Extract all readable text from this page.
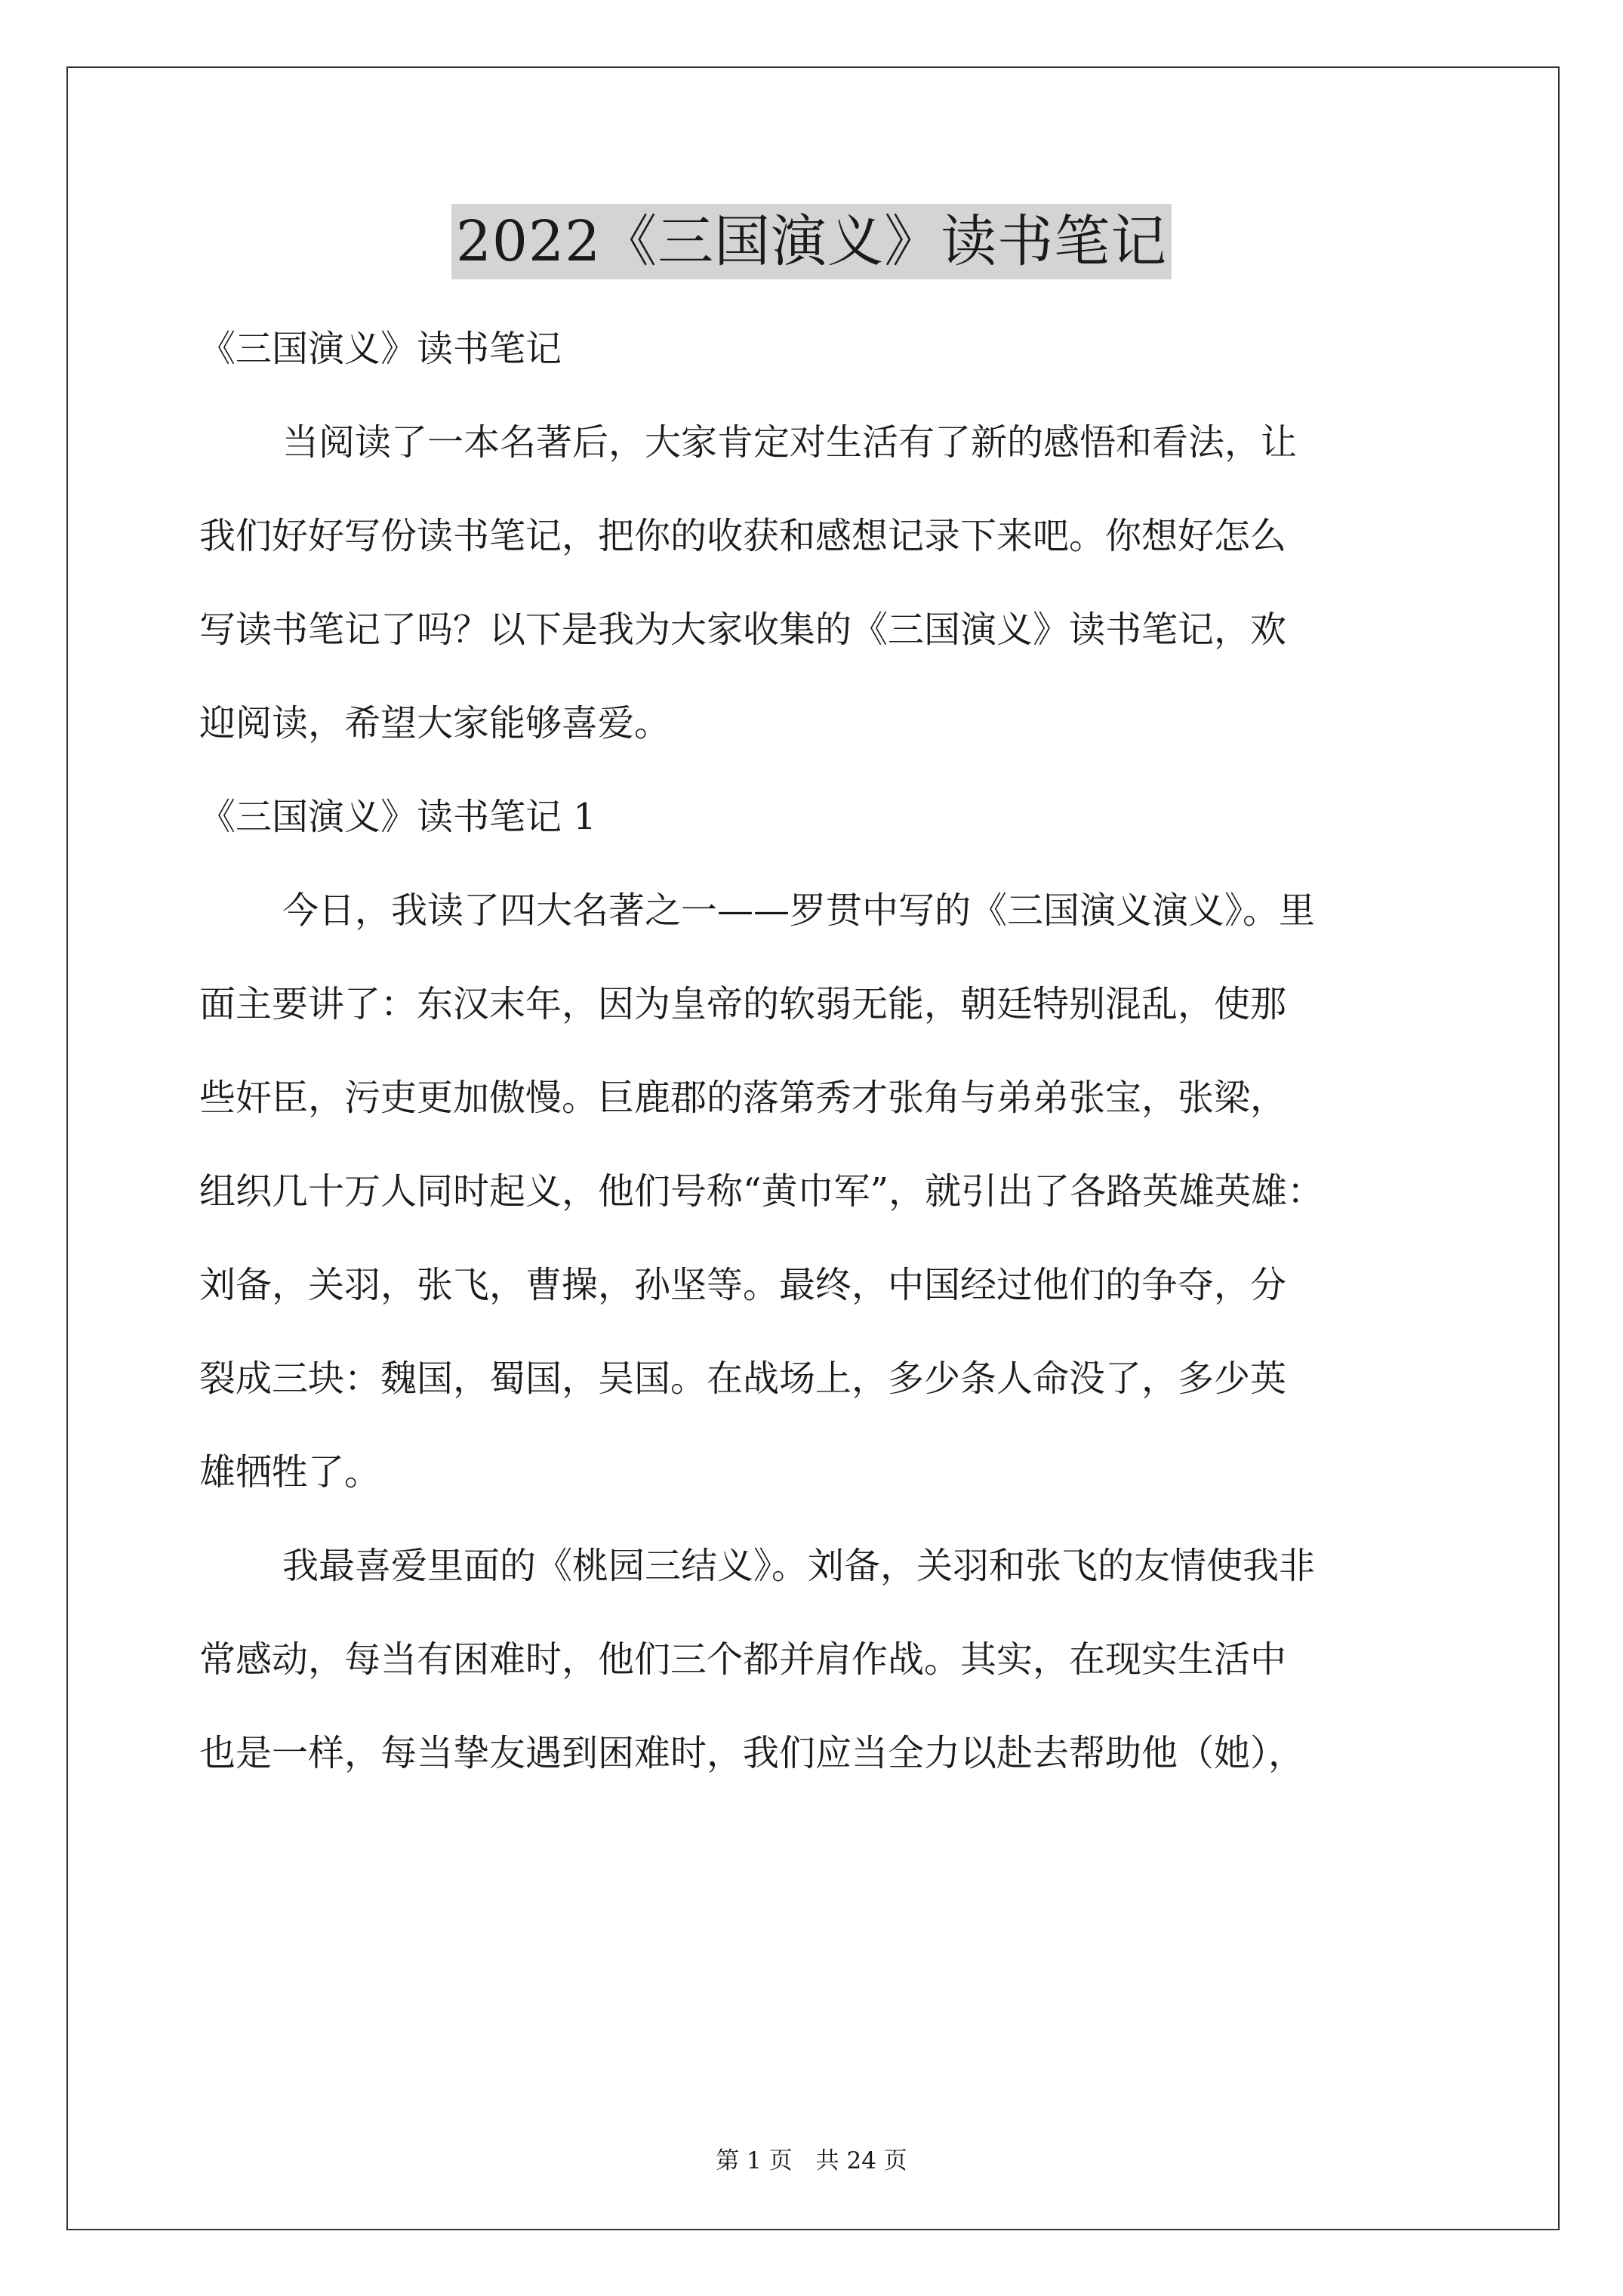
2022《三国演义》读书笔记
《三国演义》读书笔记
当阅读了一本名著后，大家肯定对生活有了新的感悟和看法，让
我们好好写份读书笔记，把你的收获和感想记录下来吧。你想好怎么
写读书笔记了吗？以下是我为大家收集的《三国演义》读书笔记，欢
迎阅读，希望大家能够喜爱。
《三国演义》读书笔记 1
今日，我读了四大名著之一——罗贯中写的《三国演义演义》。里
面主要讲了：东汉末年，因为皇帝的软弱无能，朝廷特别混乱，使那
些奸臣，污吏更加傲慢。巨鹿郡的落第秀才张角与弟弟张宝，张梁，
组织几十万人同时起义，他们号称“黄巾军”，就引出了各路英雄英雄：
刘备，关羽，张飞，曹操，孙坚等。最终，中国经过他们的争夺，分
裂成三块：魏国，蜀国，吴国。在战场上，多少条人命没了，多少英
雄牺牲了。
我最喜爱里面的《桃园三结义》。刘备，关羽和张飞的友情使我非
常感动，每当有困难时，他们三个都并肩作战。其实，在现实生活中
也是一样，每当挚友遇到困难时，我们应当全力以赴去帮助他（她），
第 1 页　共 24 页
